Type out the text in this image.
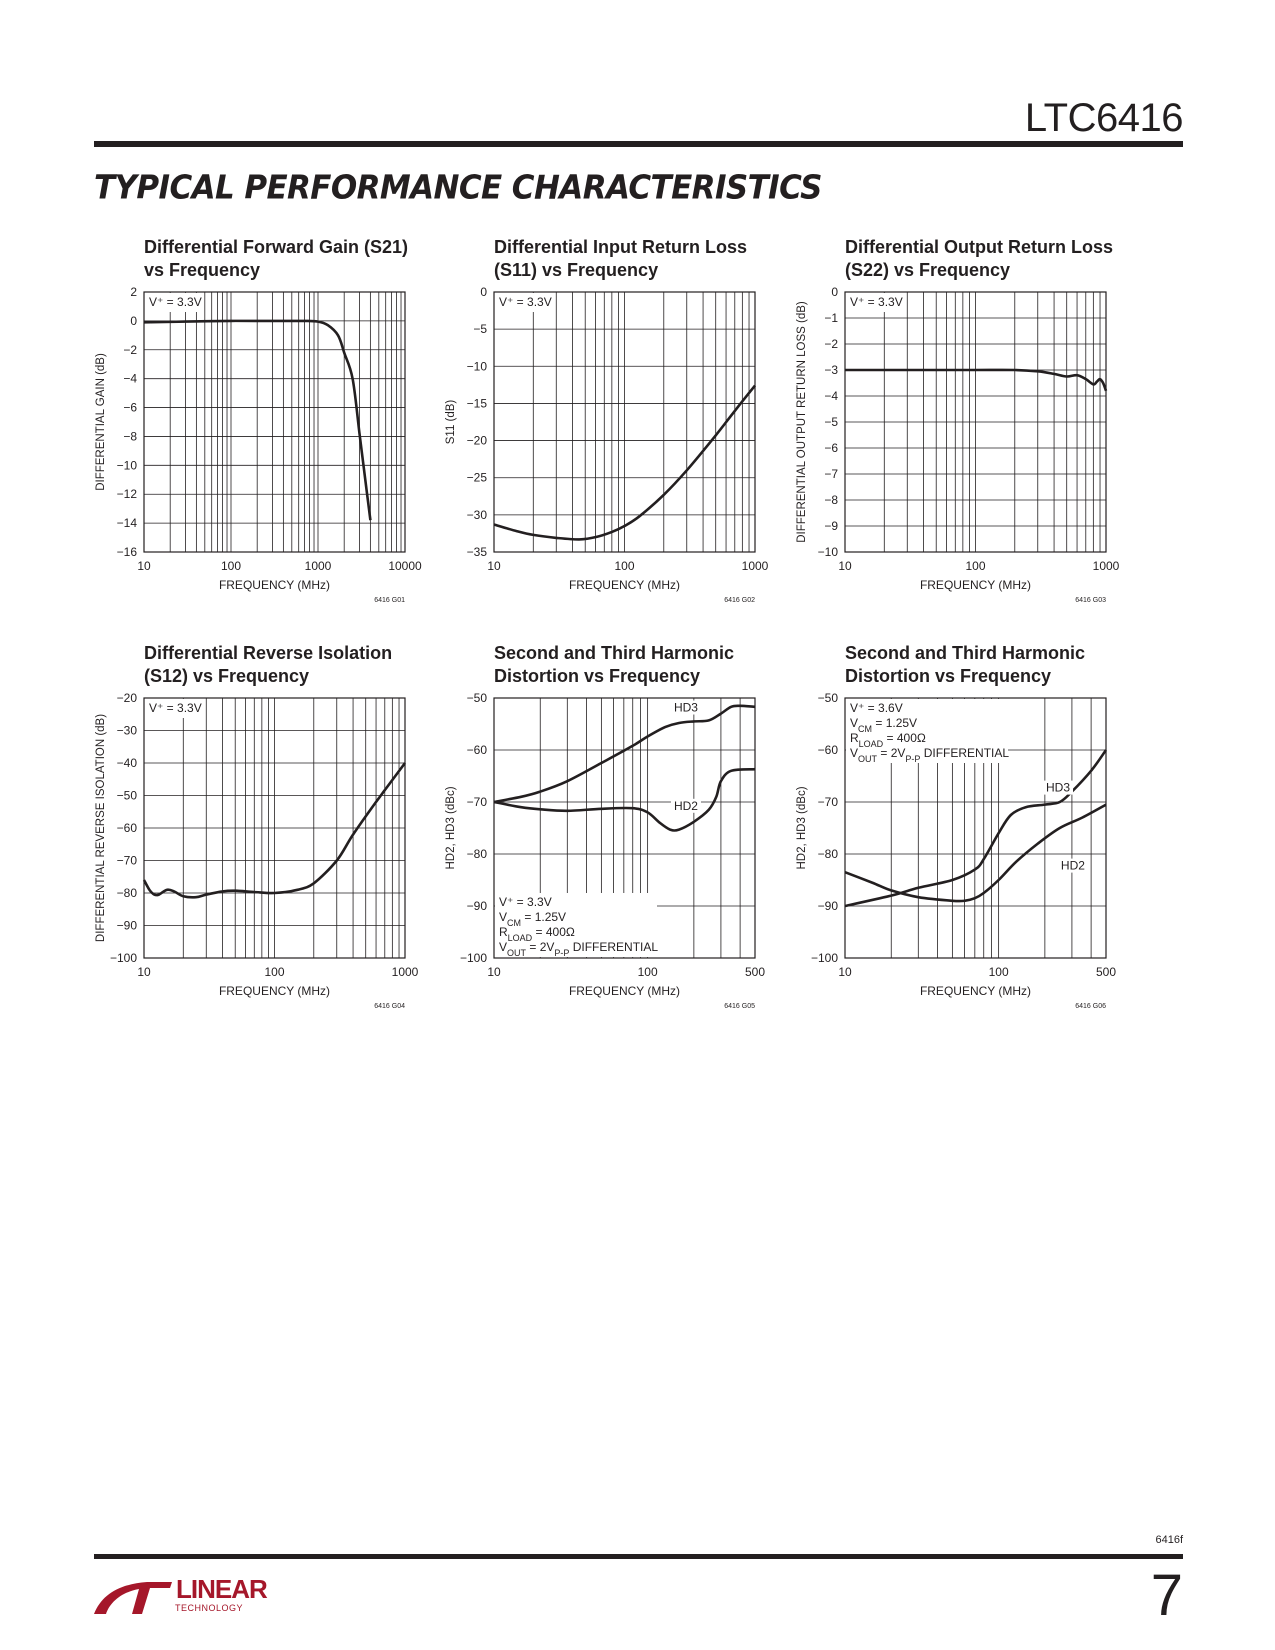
LTC6416
TYPICAL PERFORMANCE CHARACTERISTICS
Differential Forward Gain (S21)
vs Frequency
V⁺ = 3.3V
2
0
−2
−4
−6
−8
−10
−12
−14
−16
10	100	1000	10000
FREQUENCY (MHz)
DIFFERENTIAL GAIN (dB)
6416 G01
Differential Input Return Loss
(S11) vs Frequency
V⁺ = 3.3V
0
−5
−10
−15
−20
−25
−30
−35
10	100	1000
FREQUENCY (MHz)
S11 (dB)
6416 G02
Differential Output Return Loss
(S22) vs Frequency
V⁺ = 3.3V
0
−1
−2
−3
−4
−5
−6
−7
−8
−9
−10
10	100	1000
FREQUENCY (MHz)
DIFFERENTIAL OUTPUT RETURN LOSS (dB)
6416 G03
Differential Reverse Isolation
(S12) vs Frequency
V⁺ = 3.3V
−20
−30
−40
−50
−60
−70
−80
−90
−100
10	100	1000
FREQUENCY (MHz)
DIFFERENTIAL REVERSE ISOLATION (dB)
6416 G04
Second and Third Harmonic
Distortion vs Frequency
V⁺ = 3.3V
$V_{CM} = 1.25V$
$R_{LOAD} = 400\Omega$
$V_{OUT} = 2V_{P-P}$ DIFFERENTIAL
HD3
HD2
−50
−60
−70
−80
−90
−100
10	100	500
FREQUENCY (MHz)
HD2, HD3 (dBc)
6416 G05
Second and Third Harmonic
Distortion vs Frequency
V⁺ = 3.6V
$V_{CM} = 1.25V$
$R_{LOAD} = 400\Omega$
$V_{OUT} = 2V_{P-P}$ DIFFERENTIAL
HD3
HD2
−50
−60
−70
−80
−90
−100
10	100	500
FREQUENCY (MHz)
HD2, HD3 (dBc)
6416 G06
6416f
LINEAR
TECHNOLOGY	7
